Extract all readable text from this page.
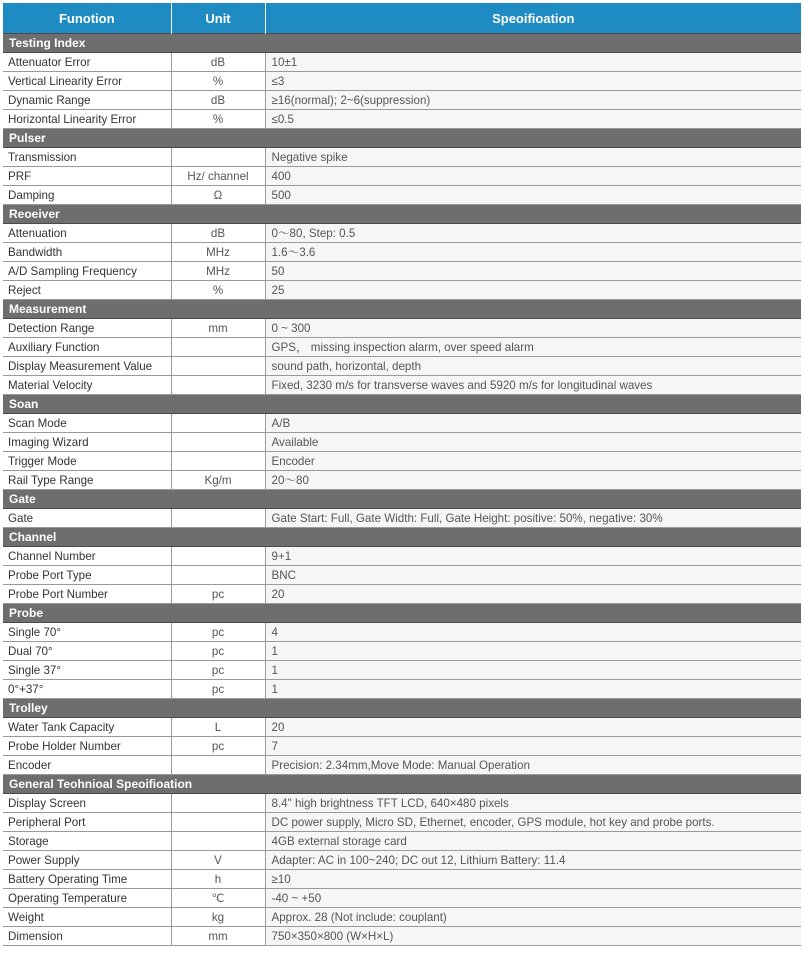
Funotion	Unit	Speoifioation
Testing Index		
Attenuator Error	dB	10±1
Vertical Linearity Error	%	≤3
Dynamic Range	dB	≥16(normal); 2~6(suppression)
Horizontal Linearity Error	%	≤0.5
Pulser		
Transmission		Negative spike
PRF	Hz/ channel	400
Damping	Ω	500
Reoeiver		
Attenuation	dB	0～80, Step: 0.5
Bandwidth	MHz	1.6～3.6
A/D Sampling Frequency	MHz	50
Reject	%	25
Measurement		
Detection Range	mm	0 ~ 300
Auxiliary Function		GPS， missing inspection alarm, over speed alarm
Display Measurement Value		sound path, horizontal, depth
Material Velocity		Fixed, 3230 m/s for transverse waves and 5920 m/s for longitudinal waves
Soan		
Scan Mode		A/B
Imaging Wizard		Available
Trigger Mode		Encoder
Rail Type Range	Kg/m	20～80
Gate		
Gate		Gate Start: Full, Gate Width: Full, Gate Height: positive: 50%, negative: 30%
Channel		
Channel Number		9+1
Probe Port Type		BNC
Probe Port Number	pc	20
Probe		
Single 70°	pc	4
Dual 70°	pc	1
Single 37°	pc	1
0°+37°	pc	1
Trolley		
Water Tank Capacity	L	20
Probe Holder Number	pc	7
Encoder		Precision: 2.34mm,Move Mode: Manual Operation
General Teohnioal Speoifioation		
Display Screen		8.4" high brightness TFT LCD, 640×480 pixels
Peripheral Port		DC power supply, Micro SD, Ethernet, encoder, GPS module, hot key and probe ports.
Storage		4GB external storage card
Power Supply	V	Adapter: AC in 100~240; DC out 12, Lithium Battery: 11.4
Battery Operating Time	h	≥10
Operating Temperature	℃	-40 ~ +50
Weight	kg	Approx. 28 (Not include: couplant)
Dimension	mm	750×350×800 (W×H×L)
